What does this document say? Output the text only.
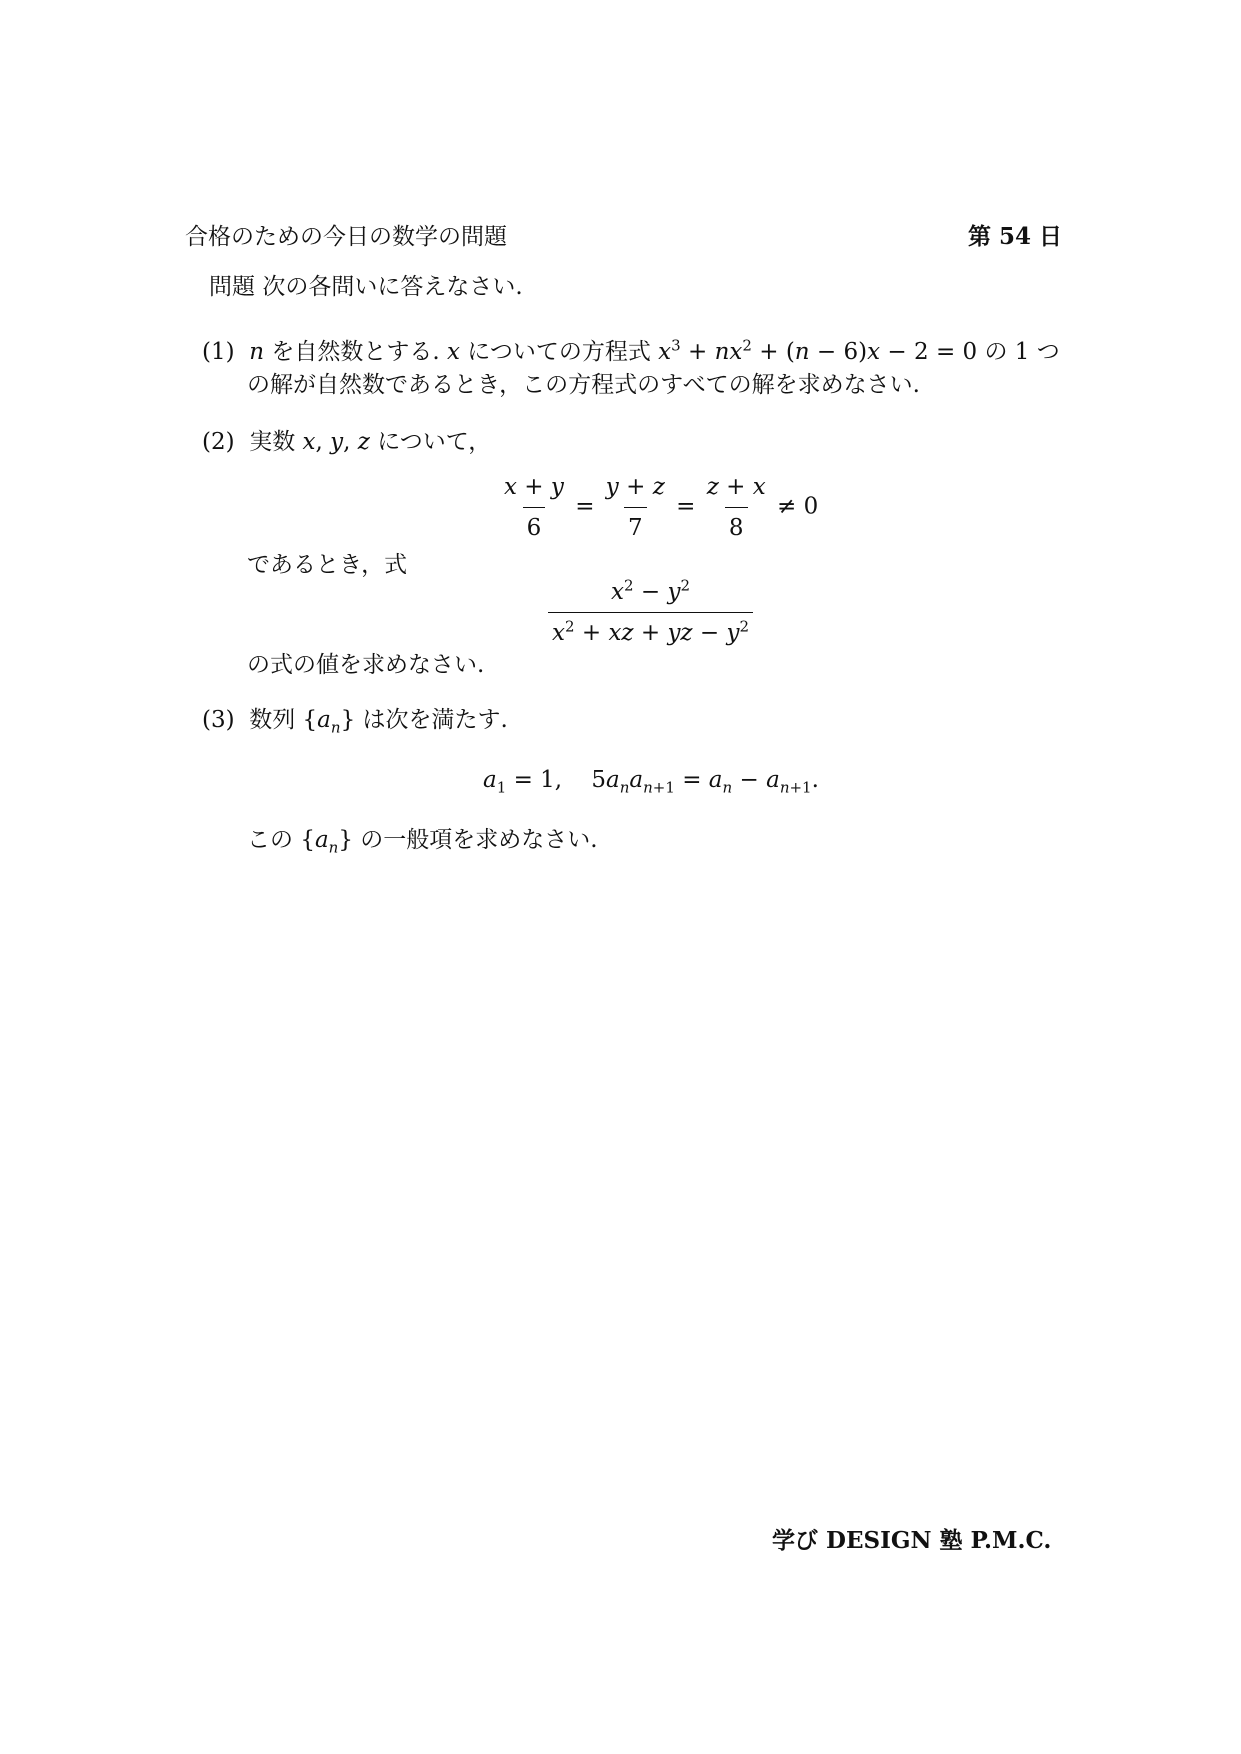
合格のための今日の数学の問題	第 54 日
問題 次の各問いに答えなさい.
(1) n を自然数とする. x についての方程式 $x^3 + nx^2 + (n - 6)x - 2 = 0$ の 1 つ
の解が自然数であるとき，この方程式のすべての解を求めなさい.
(2) 実数 x, y, z について，
$\frac{x + y}{6} = \frac{y + z}{7} = \frac{z + x}{8} \ne 0$
であるとき，式
$\frac{x^2 - y^2}{x^2 + xz + yz - y^2}$
の式の値を求めなさい.
(3) 数列 $\{a_n\}$ は次を満たす.
$a_1 = 1$,    $5a_na_{n+1} = a_n - a_{n+1}$.
この $\{a_n\}$ の一般項を求めなさい.
学び DESIGN 塾 P.M.C.
